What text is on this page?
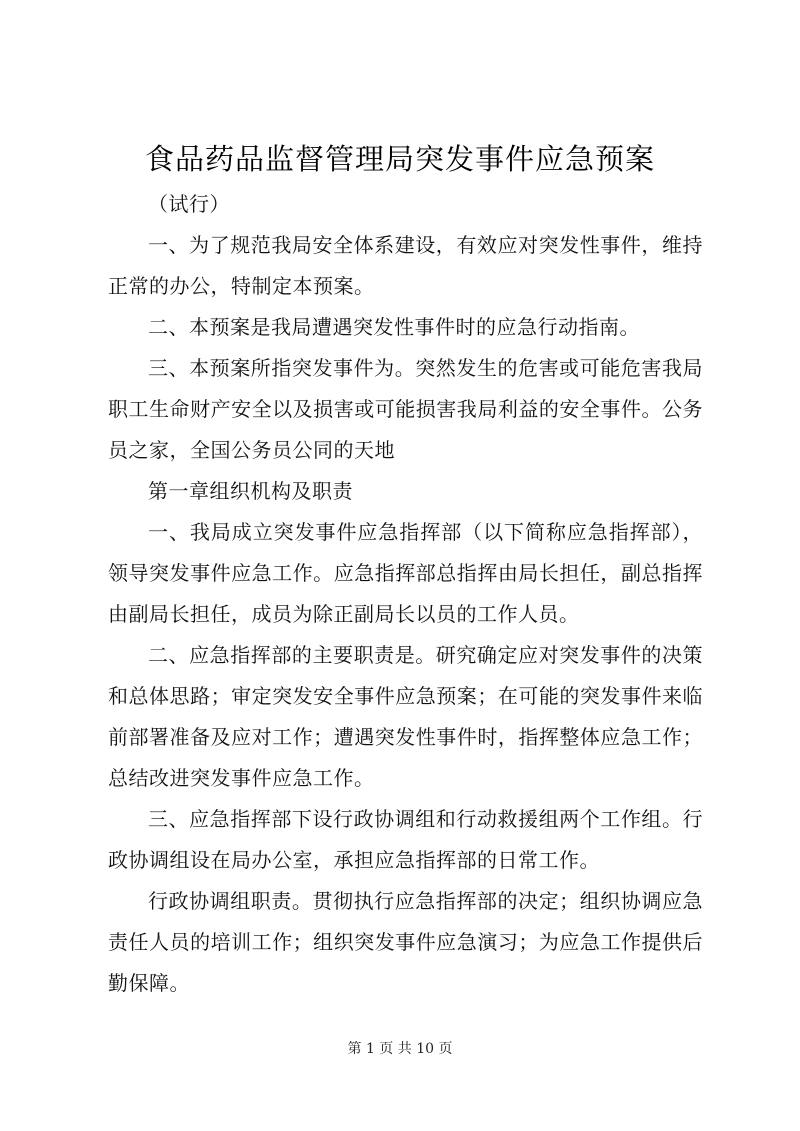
食品药品监督管理局突发事件应急预案

（试行）

一、为了规范我局安全体系建设，有效应对突发性事件，维持正常的办公，特制定本预案。

二、本预案是我局遭遇突发性事件时的应急行动指南。

三、本预案所指突发事件为。突然发生的危害或可能危害我局职工生命财产安全以及损害或可能损害我局利益的安全事件。公务员之家，全国公务员公同的天地

第一章组织机构及职责

一、我局成立突发事件应急指挥部（以下简称应急指挥部），领导突发事件应急工作。应急指挥部总指挥由局长担任，副总指挥由副局长担任，成员为除正副局长以员的工作人员。

二、应急指挥部的主要职责是。研究确定应对突发事件的决策和总体思路；审定突发安全事件应急预案；在可能的突发事件来临前部署准备及应对工作；遭遇突发性事件时，指挥整体应急工作；总结改进突发事件应急工作。

三、应急指挥部下设行政协调组和行动救援组两个工作组。行政协调组设在局办公室，承担应急指挥部的日常工作。

行政协调组职责。贯彻执行应急指挥部的决定；组织协调应急责任人员的培训工作；组织突发事件应急演习；为应急工作提供后勤保障。

第 1 页 共 10 页
